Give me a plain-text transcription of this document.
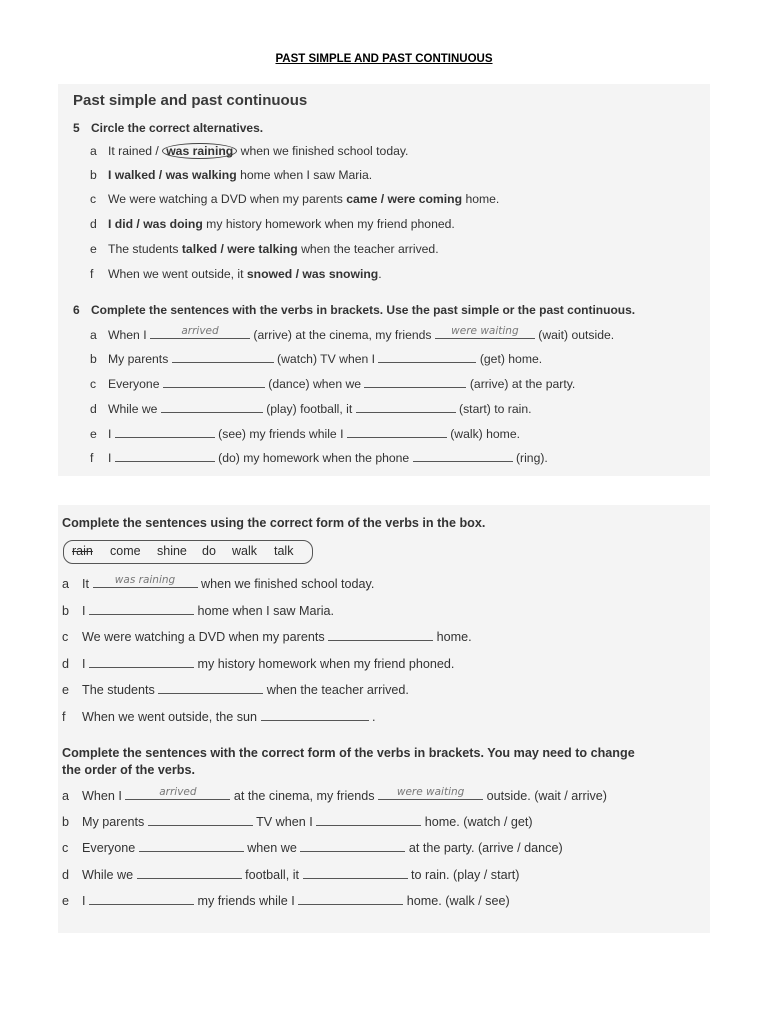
PAST SIMPLE AND PAST CONTINUOUS
Past simple and past continuous
5 Circle the correct alternatives.
a It rained / was raining when we finished school today.
b I walked / was walking home when I saw Maria.
c We were watching a DVD when my parents came / were coming home.
d I did / was doing my history homework when my friend phoned.
e The students talked / were talking when the teacher arrived.
f When we went outside, it snowed / was snowing.
6 Complete the sentences with the verbs in brackets. Use the past simple or the past continuous.
a When I	arrived	(arrive) at the cinema, my friends	were waiting	(wait) outside.
b My parents	(watch) TV when I	(get) home.
c Everyone	(dance) when we	(arrive) at the party.
d While we	(play) football, it	(start) to rain.
e I	(see) my friends while I	(walk) home.
f I	(do) my homework when the phone	(ring).
Complete the sentences using the correct form of the verbs in the box.
rain come shine do walk talk
a It	was raining	when we finished school today.
b I	home when I saw Maria.
c We were watching a DVD when my parents	home.
d I	my history homework when my friend phoned.
e The students	when the teacher arrived.
f When we went outside, the sun	.
Complete the sentences with the correct form of the verbs in brackets. You may need to change
the order of the verbs.
a When I	arrived	at the cinema, my friends	were waiting	outside. (wait / arrive)
b My parents	TV when I	home. (watch / get)
c Everyone	when we	at the party. (arrive / dance)
d While we	football, it	to rain. (play / start)
e I	my friends while I	home. (walk / see)
